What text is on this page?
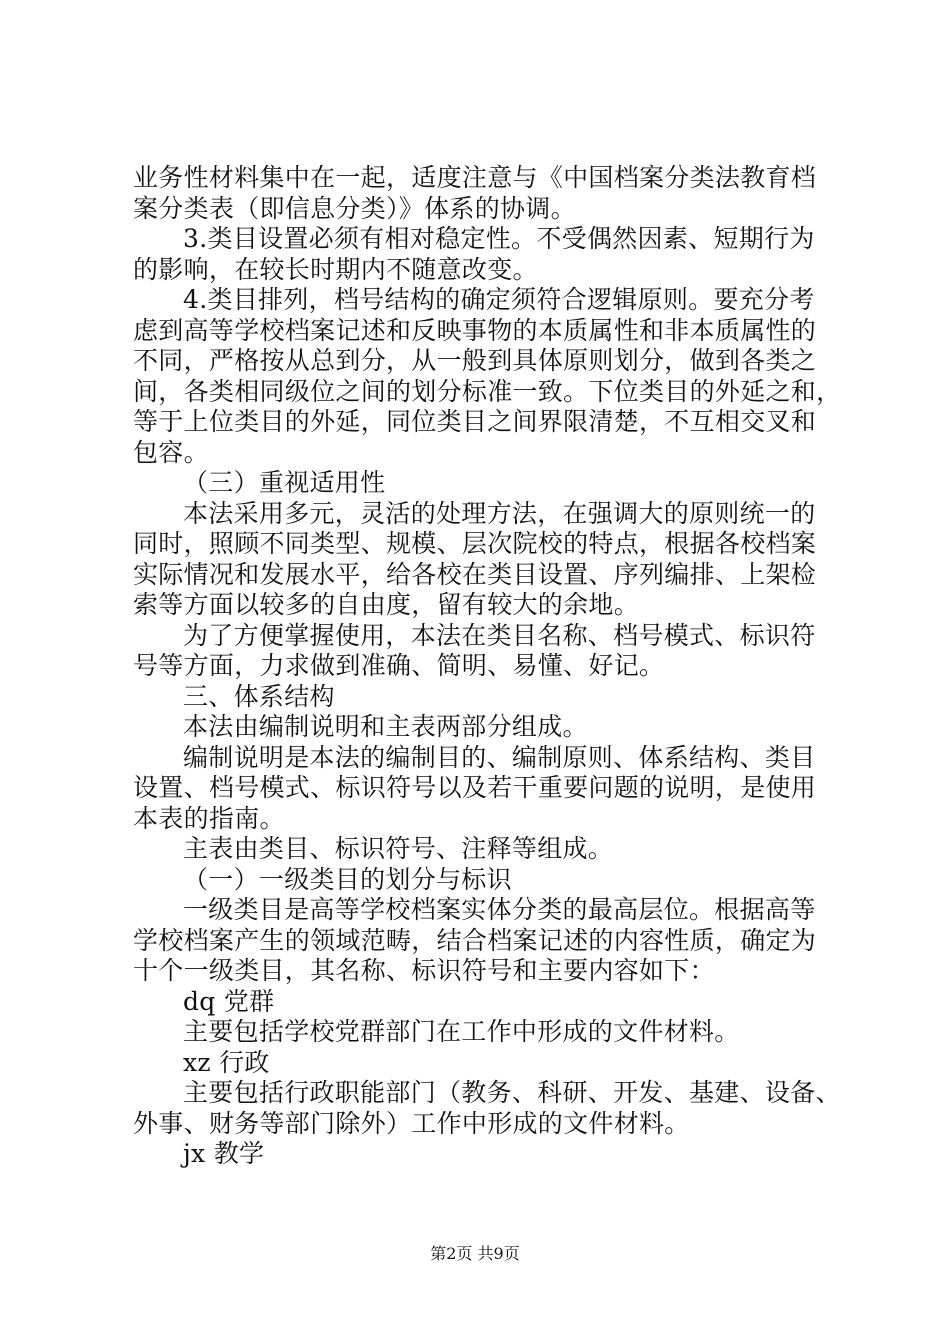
业务性材料集中在一起，适度注意与《中国档案分类法教育档
案分类表（即信息分类）》体系的协调。
3.类目设置必须有相对稳定性。不受偶然因素、短期行为
的影响，在较长时期内不随意改变。
4.类目排列，档号结构的确定须符合逻辑原则。要充分考
虑到高等学校档案记述和反映事物的本质属性和非本质属性的
不同，严格按从总到分，从一般到具体原则划分，做到各类之
间，各类相同级位之间的划分标准一致。下位类目的外延之和，
等于上位类目的外延，同位类目之间界限清楚，不互相交叉和
包容。
（三）重视适用性
本法采用多元，灵活的处理方法，在强调大的原则统一的
同时，照顾不同类型、规模、层次院校的特点，根据各校档案
实际情况和发展水平，给各校在类目设置、序列编排、上架检
索等方面以较多的自由度，留有较大的余地。
为了方便掌握使用，本法在类目名称、档号模式、标识符
号等方面，力求做到准确、简明、易懂、好记。
三、体系结构
本法由编制说明和主表两部分组成。
编制说明是本法的编制目的、编制原则、体系结构、类目
设置、档号模式、标识符号以及若干重要问题的说明，是使用
本表的指南。
主表由类目、标识符号、注释等组成。
（一）一级类目的划分与标识
一级类目是高等学校档案实体分类的最高层位。根据高等
学校档案产生的领域范畴，结合档案记述的内容性质，确定为
十个一级类目，其名称、标识符号和主要内容如下：
dq 党群
主要包括学校党群部门在工作中形成的文件材料。
xz 行政
主要包括行政职能部门（教务、科研、开发、基建、设备、
外事、财务等部门除外）工作中形成的文件材料。
jx 教学
第2页 共9页
